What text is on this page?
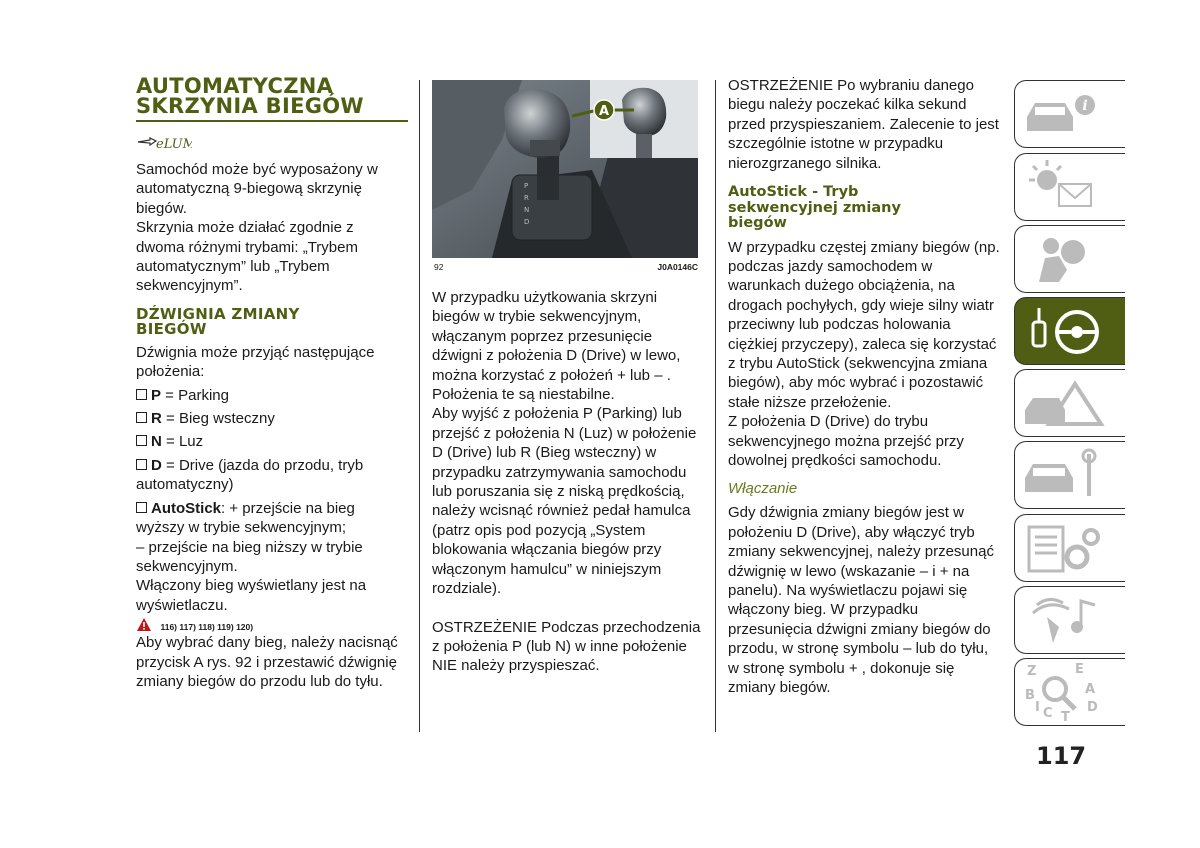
AUTOMATYCZNA

SKRZYNIA BIEGÓW

eLUM

Samochód może być wyposażony w automatyczną 9-biegową skrzynię biegów.

Skrzynia może działać zgodnie z dwoma różnymi trybami: „Trybem automatycznym” lub „Trybem sekwencyjnym”.

DŹWIGNIA ZMIANY
BIEGÓW

Dźwignia może przyjąć następujące położenia:

P = Parking

R = Bieg wsteczny

N = Luz

D = Drive (jazda do przodu, tryb automatyczny)

AutoStick: + przejście na bieg wyższy w trybie sekwencyjnym;

– przejście na bieg niższy w trybie sekwencyjnym.

Włączony bieg wyświetlany jest na wyświetlaczu.

116) 117) 118) 119) 120)

Aby wybrać dany bieg, należy nacisnąć przycisk A rys. 92 i przestawić dźwignię zmiany biegów do przodu lub do tyłu.

P
R
N
D
A
92	J0A0146C

W przypadku użytkowania skrzyni biegów w trybie sekwencyjnym, włączanym poprzez przesunięcie dźwigni z położenia D (Drive) w lewo, można korzystać z położeń + lub – . Położenia te są niestabilne.

Aby wyjść z położenia P (Parking) lub przejść z położenia N (Luz) w położenie D (Drive) lub R (Bieg wsteczny) w przypadku zatrzymywania samochodu lub poruszania się z niską prędkością, należy wcisnąć również pedał hamulca (patrz opis pod pozycją „System blokowania włączania biegów przy włączonym hamulcu” w niniejszym rozdziale).

OSTRZEŻENIE Podczas przechodzenia z położenia P (lub N) w inne położenie NIE należy przyspieszać.

OSTRZEŻENIE Po wybraniu danego biegu należy poczekać kilka sekund przed przyspieszaniem. Zalecenie to jest szczególnie istotne w przypadku nierozgrzanego silnika.

AutoStick - Tryb
sekwencyjnej zmiany
biegów

W przypadku częstej zmiany biegów (np. podczas jazdy samochodem w warunkach dużego obciążenia, na drogach pochyłych, gdy wieje silny wiatr przeciwny lub podczas holowania ciężkiej przyczepy), zaleca się korzystać z trybu AutoStick (sekwencyjna zmiana biegów), aby móc wybrać i pozostawić stałe niższe przełożenie.

Z położenia D (Drive) do trybu sekwencyjnego można przejść przy dowolnej prędkości samochodu.

Włączanie

Gdy dźwignia zmiany biegów jest w położeniu D (Drive), aby włączyć tryb zmiany sekwencyjnej, należy przesunąć dźwignię w lewo (wskazanie – i + na panelu). Na wyświetlaczu pojawi się włączony bieg. W przypadku przesunięcia dźwigni zmiany biegów do przodu, w stronę symbolu – lub do tyłu, w stronę symbolu + , dokonuje się zmiany biegów.

i
Z	E
B	A
C T
D
I
117
